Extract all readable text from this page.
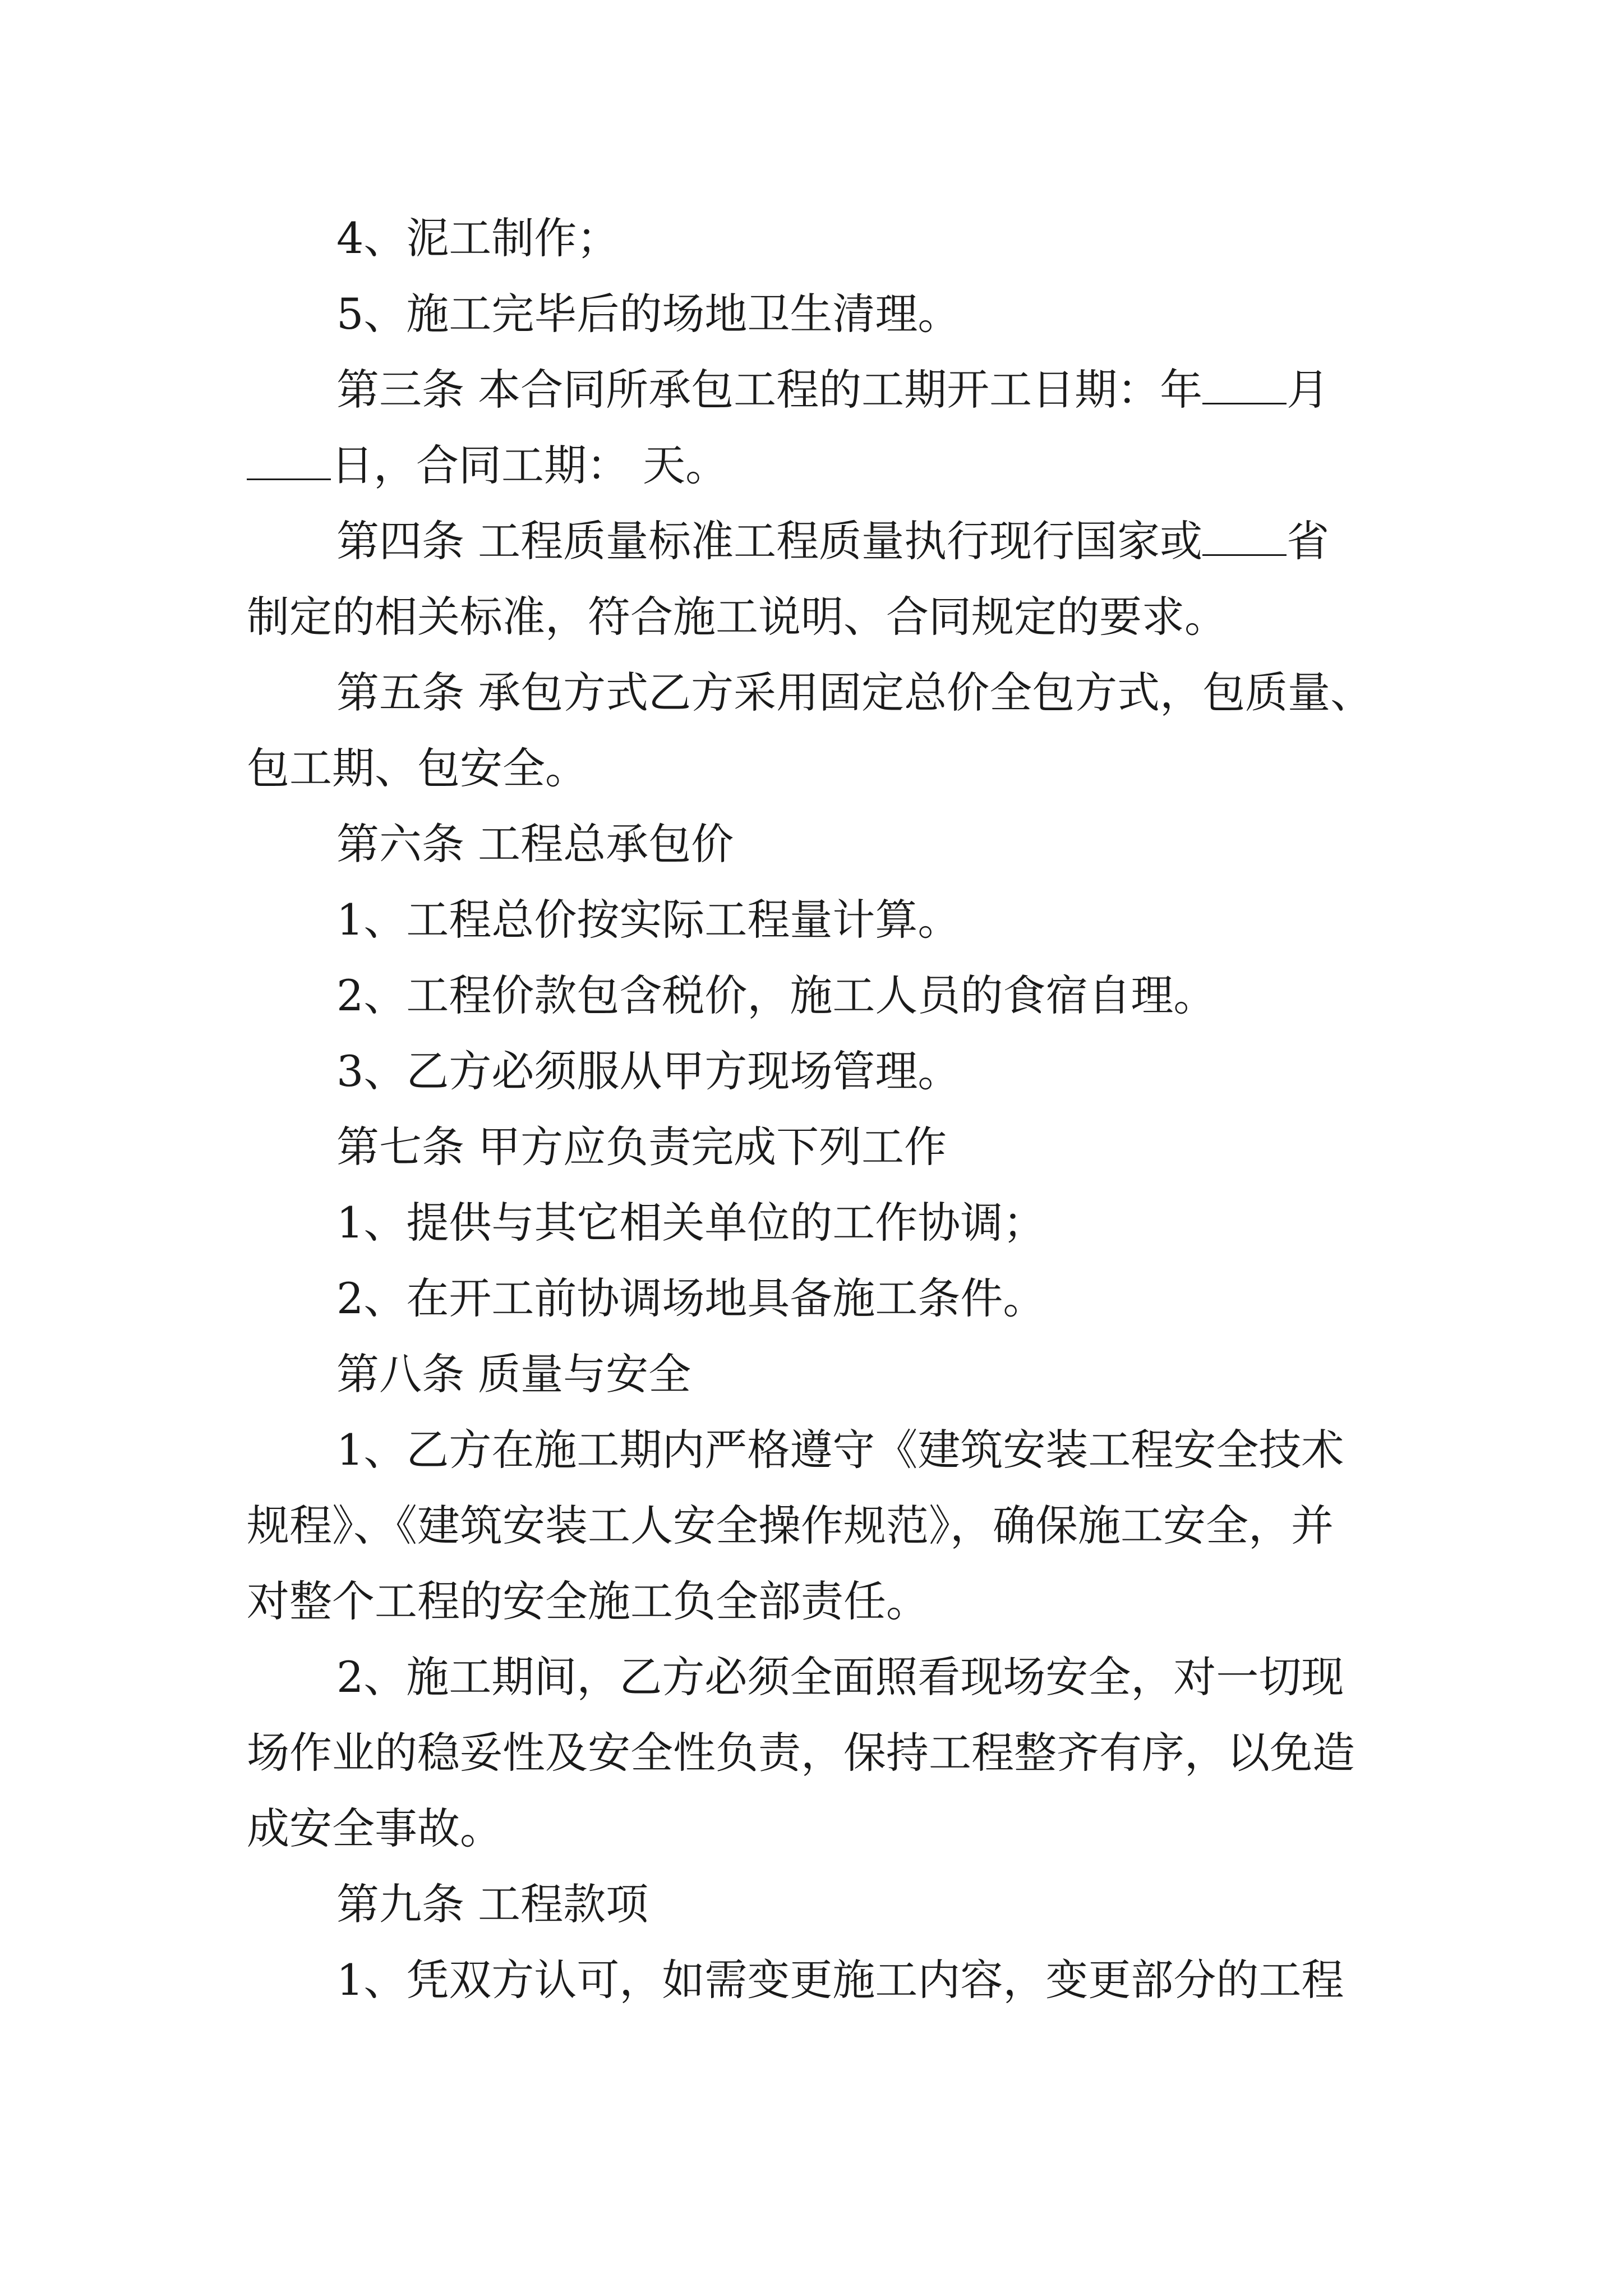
4、泥工制作；
5、施工完毕后的场地卫生清理。
第三条 本合同所承包工程的工期开工日期：年 月
日，合同工期： 天。
第四条 工程质量标准工程质量执行现行国家或 省
制定的相关标准，符合施工说明、合同规定的要求。
第五条 承包方式乙方采用固定总价全包方式，包质量、
包工期、包安全。
第六条 工程总承包价
1、工程总价按实际工程量计算。
2、工程价款包含税价，施工人员的食宿自理。
3、乙方必须服从甲方现场管理。
第七条 甲方应负责完成下列工作
1、提供与其它相关单位的工作协调；
2、在开工前协调场地具备施工条件。
第八条 质量与安全
1、乙方在施工期内严格遵守《建筑安装工程安全技术
规程》、《建筑安装工人安全操作规范》，确保施工安全，并
对整个工程的安全施工负全部责任。
2、施工期间，乙方必须全面照看现场安全，对一切现
场作业的稳妥性及安全性负责，保持工程整齐有序，以免造
成安全事故。
第九条 工程款项
1、凭双方认可，如需变更施工内容，变更部分的工程
